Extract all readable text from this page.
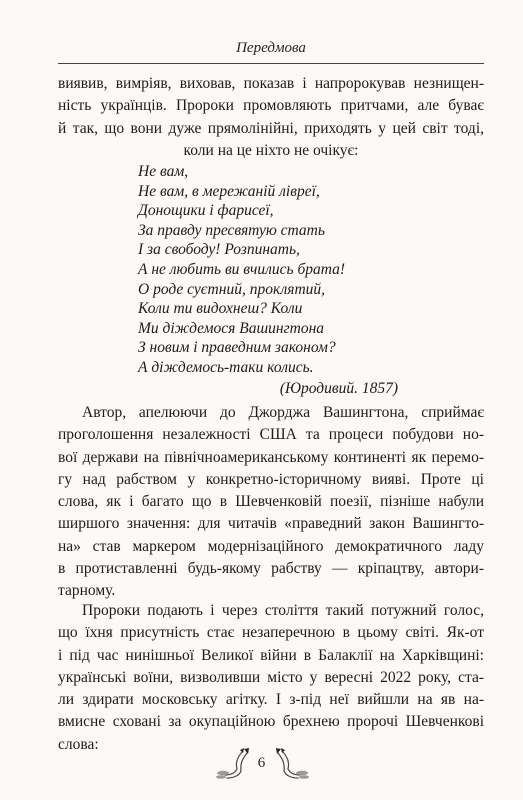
Передмова

виявив, вимріяв, виховав, показав і напророкував незнищен-
ність українців. Пророки промовляють притчами, але буває
й так, що вони дуже прямолінійні, приходять у цей світ тоді,
коли на це ніхто не очікує:

Не вам,
Не вам, в мережаній ліврeї,
Донощики і фарисеї,
За правду пресвятую стать
І за свободу! Розпинать,
А не любить ви вчились брата!
О роде суєтний, проклятий,
Коли ти видохнеш? Коли
Ми діждемося Вашингтона
З новим і праведним законом?
А діждемось-таки колись.
(Юродивий. 1857)

Автор, апелюючи до Джорджа Вашингтона, сприймає
проголошення незалежності США та процеси побудови но-
вої держави на північноамериканському континенті як перемо-
гу над рабством у конкретно-історичному вияві. Проте ці
слова, як і багато що в Шевченковій поезії, пізніше набули
ширшого значення: для читачів «праведний закон Вашингто-
на» став маркером модернізаційного демократичного ладу
в протиставленні будь-якому рабству — кріпацтву, автори-
тарному.

Пророки подають і через століття такий потужний голос,
що їхня присутність стає незаперечною в цьому світі. Як-от
і під час нинішньої Великої війни в Балаклії на Харківщині:
українські воїни, визволивши місто у вересні 2022 року, ста-
ли здирати московську агітку. І з-під неї вийшли на яв на-
вмисне сховані за окупаційною брехнею пророчі Шевченкові
слова:

6
